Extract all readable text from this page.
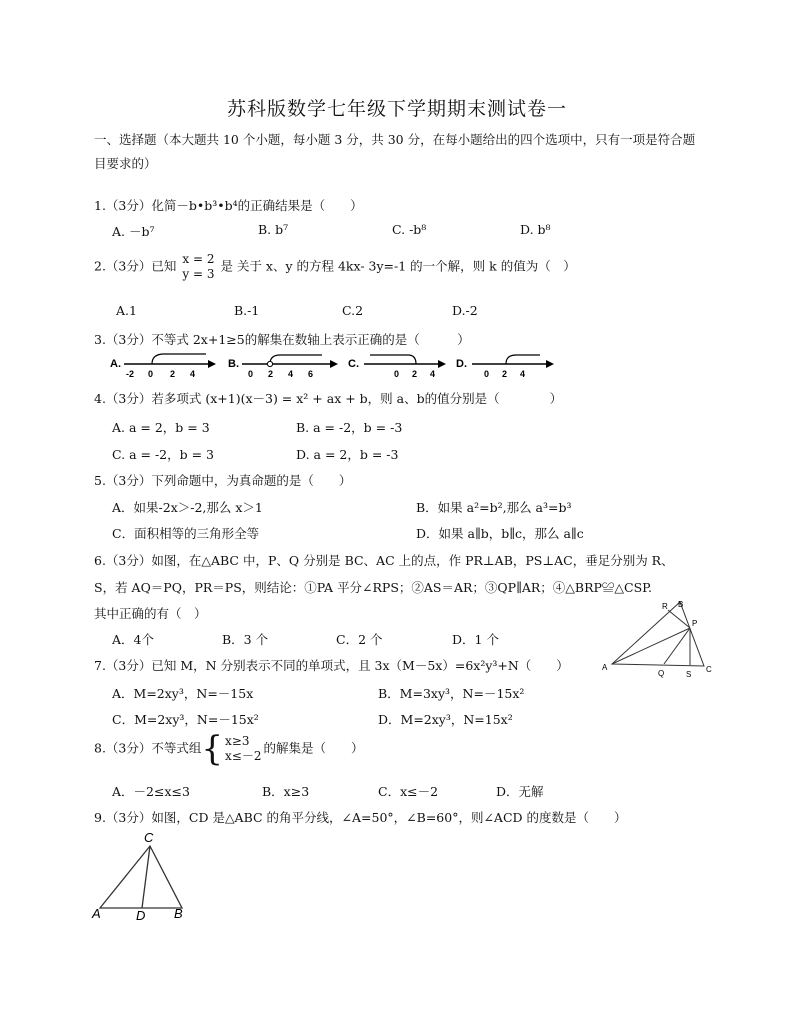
苏科版数学七年级下学期期末测试卷一
一、选择题（本大题共 10 个小题，每小题 3 分，共 30 分，在每小题给出的四个选项中，只有一项是符合题目要求的）
1.（3分）化简－b•b³•b⁴的正确结果是（　　）
A. －b⁷	B. b⁷	C. -b⁸	D. b⁸
2.（3分）已知 x = 2
y = 3
是 关于 x、y 的方程 4kx- 3y=-1 的一个解，则 k 的值为（　）
A.1	B.-1	C.2	D.-2
3.（3分）不等式 2x+1≥5的解集在数轴上表示正确的是（　　　）
A.
-2 0 2 4
B.
0 2 4 6
C.
0 2 4
D.
0 2 4
4.（3分）若多项式 (x+1)(x－3) = x² + ax + b，则 a、b的值分别是（　　　　）
A. a = 2，b = 3	B. a = -2，b = -3
C. a = -2，b = 3	D. a = 2，b = -3
5.（3分）下列命题中，为真命题的是（　　）
A．如果-2x＞-2,那么 x＞1	B．如果 a²=b²,那么 a³=b³
C．面积相等的三角形全等	D．如果 a∥b，b∥c，那么 a∥c
6.（3分）如图，在△ABC 中，P、Q 分别是 BC、AC 上的点，作 PR⊥AB，PS⊥AC，垂足分别为 R、
S，若 AQ＝PQ，PR＝PS，则结论：①PA 平分∠RPS；②AS＝AR；③QP∥AR；④△BRP≌△CSP.
其中正确的有（　）
A．4个	B．3 个	C．2 个	D．1 个
A
B
C
P
Q
R
S
7.（3分）已知 M，N 分别表示不同的单项式，且 3x（M－5x）=6x²y³+N（　　）
A．M=2xy³，N=－15x	B．M=3xy³，N=－15x²
C．M=2xy³，N=－15x²	D．M=2xy³，N=15x²
8.（3分）不等式组{ x≥3
x≤－2
的解集是（　　）
A．－2≤x≤3	B．x≥3	C．x≤－2	D．无解
9.（3分）如图，CD 是△ABC 的角平分线，∠A=50°，∠B=60°，则∠ACD 的度数是（　　）
C
A	D B
